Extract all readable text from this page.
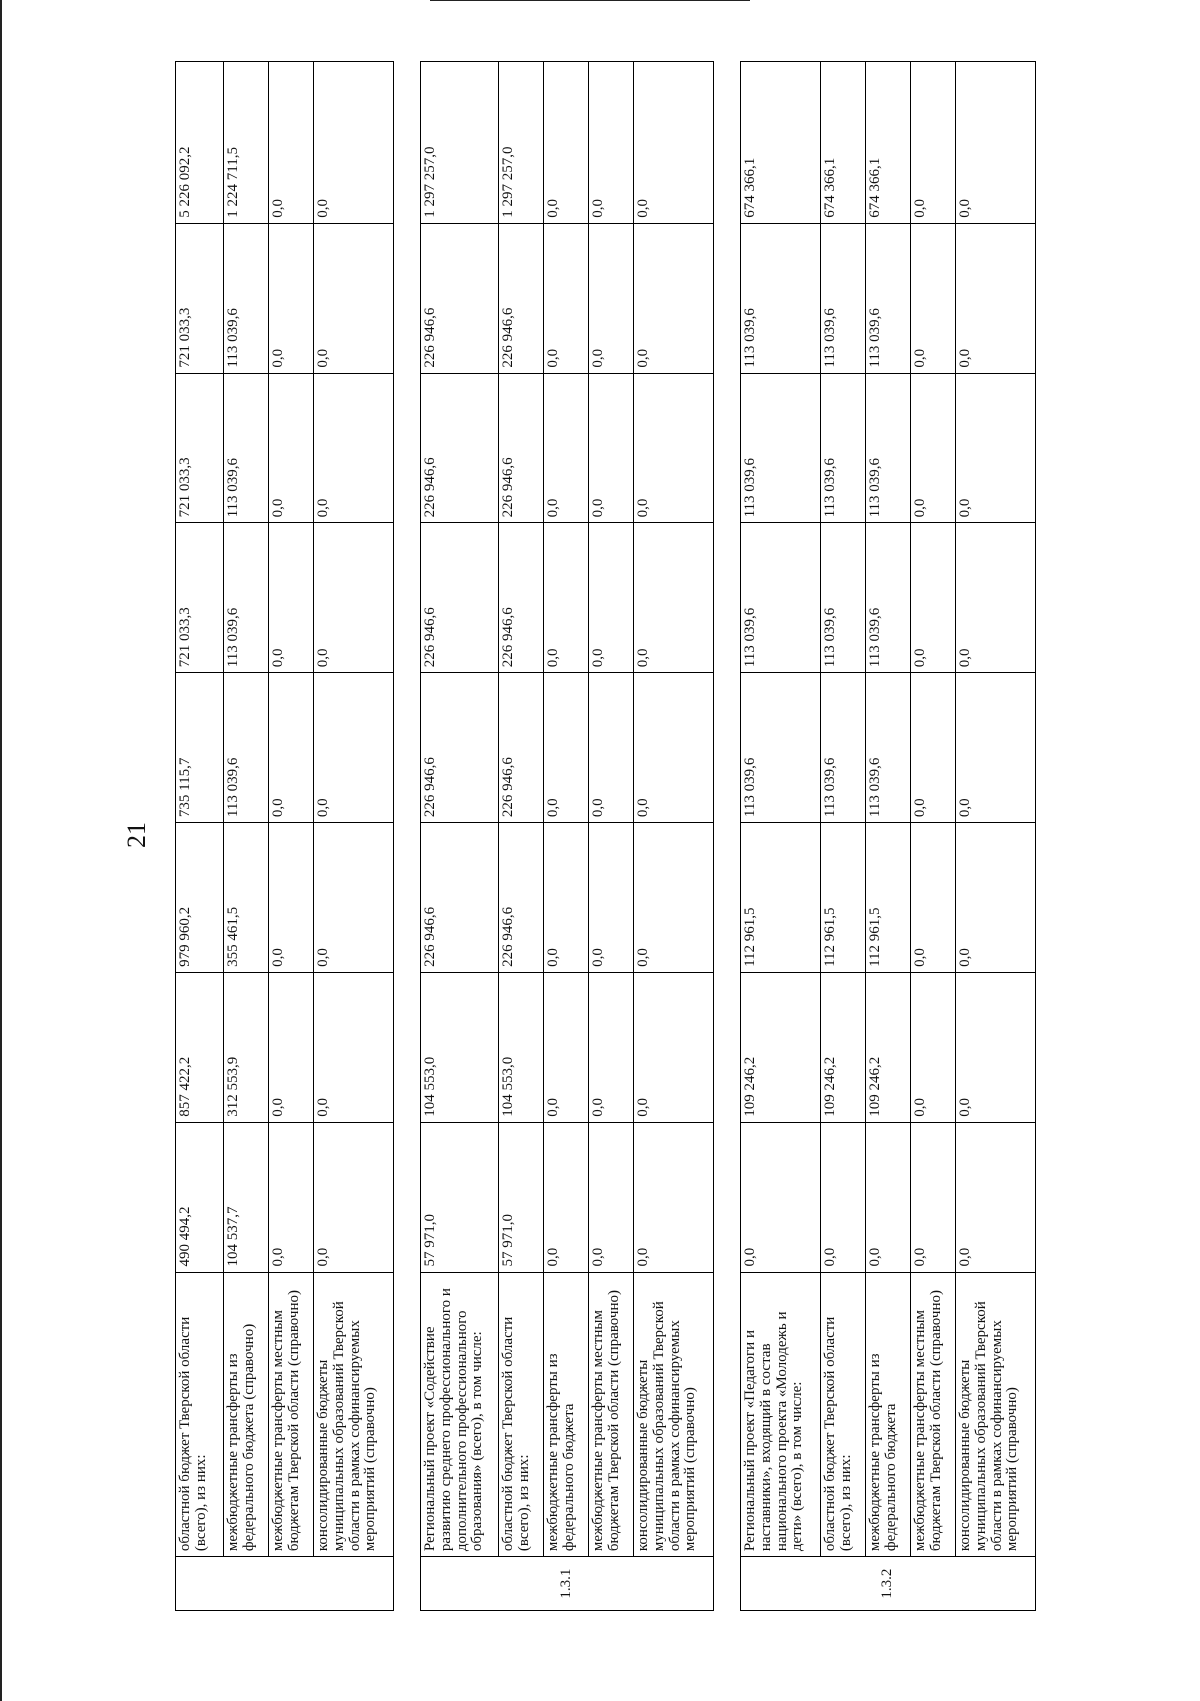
21
	областной бюджет Тверской области (всего), из них:	490 494,2	857 422,2	979 960,2	735 115,7	721 033,3	721 033,3	721 033,3	5 226 092,2
	межбюджетные трансферты из федерального бюджета (справочно)	104 537,7	312 553,9	355 461,5	113 039,6	113 039,6	113 039,6	113 039,6	1 224 711,5
	межбюджетные трансферты местным бюджетам Тверской области (справочно)	0,0	0,0	0,0	0,0	0,0	0,0	0,0	0,0
	консолидированные бюджеты муниципальных образований Тверской области в рамках софинансируемых мероприятий (справочно)	0,0	0,0	0,0	0,0	0,0	0,0	0,0	0,0
1.3.1	Региональный проект «Содействие развитию среднего профессионального и дополнительного профессионального образования» (всего), в том числе:	57 971,0	104 553,0	226 946,6	226 946,6	226 946,6	226 946,6	226 946,6	1 297 257,0
	областной бюджет Тверской области (всего), из них:	57 971,0	104 553,0	226 946,6	226 946,6	226 946,6	226 946,6	226 946,6	1 297 257,0
	межбюджетные трансферты из федерального бюджета	0,0	0,0	0,0	0,0	0,0	0,0	0,0	0,0
	межбюджетные трансферты местным бюджетам Тверской области (справочно)	0,0	0,0	0,0	0,0	0,0	0,0	0,0	0,0
	консолидированные бюджеты муниципальных образований Тверской области в рамках софинансируемых мероприятий (справочно)	0,0	0,0	0,0	0,0	0,0	0,0	0,0	0,0
1.3.2	Региональный проект «Педагоги и наставники», входящий в состав национального проекта «Молодежь и дети» (всего), в том числе:	0,0	109 246,2	112 961,5	113 039,6	113 039,6	113 039,6	113 039,6	674 366,1
	областной бюджет Тверской области (всего), из них:	0,0	109 246,2	112 961,5	113 039,6	113 039,6	113 039,6	113 039,6	674 366,1
	межбюджетные трансферты из федерального бюджета	0,0	109 246,2	112 961,5	113 039,6	113 039,6	113 039,6	113 039,6	674 366,1
	межбюджетные трансферты местным бюджетам Тверской области (справочно)	0,0	0,0	0,0	0,0	0,0	0,0	0,0	0,0
	консолидированные бюджеты муниципальных образований Тверской области в рамках софинансируемых мероприятий (справочно)	0,0	0,0	0,0	0,0	0,0	0,0	0,0	0,0
